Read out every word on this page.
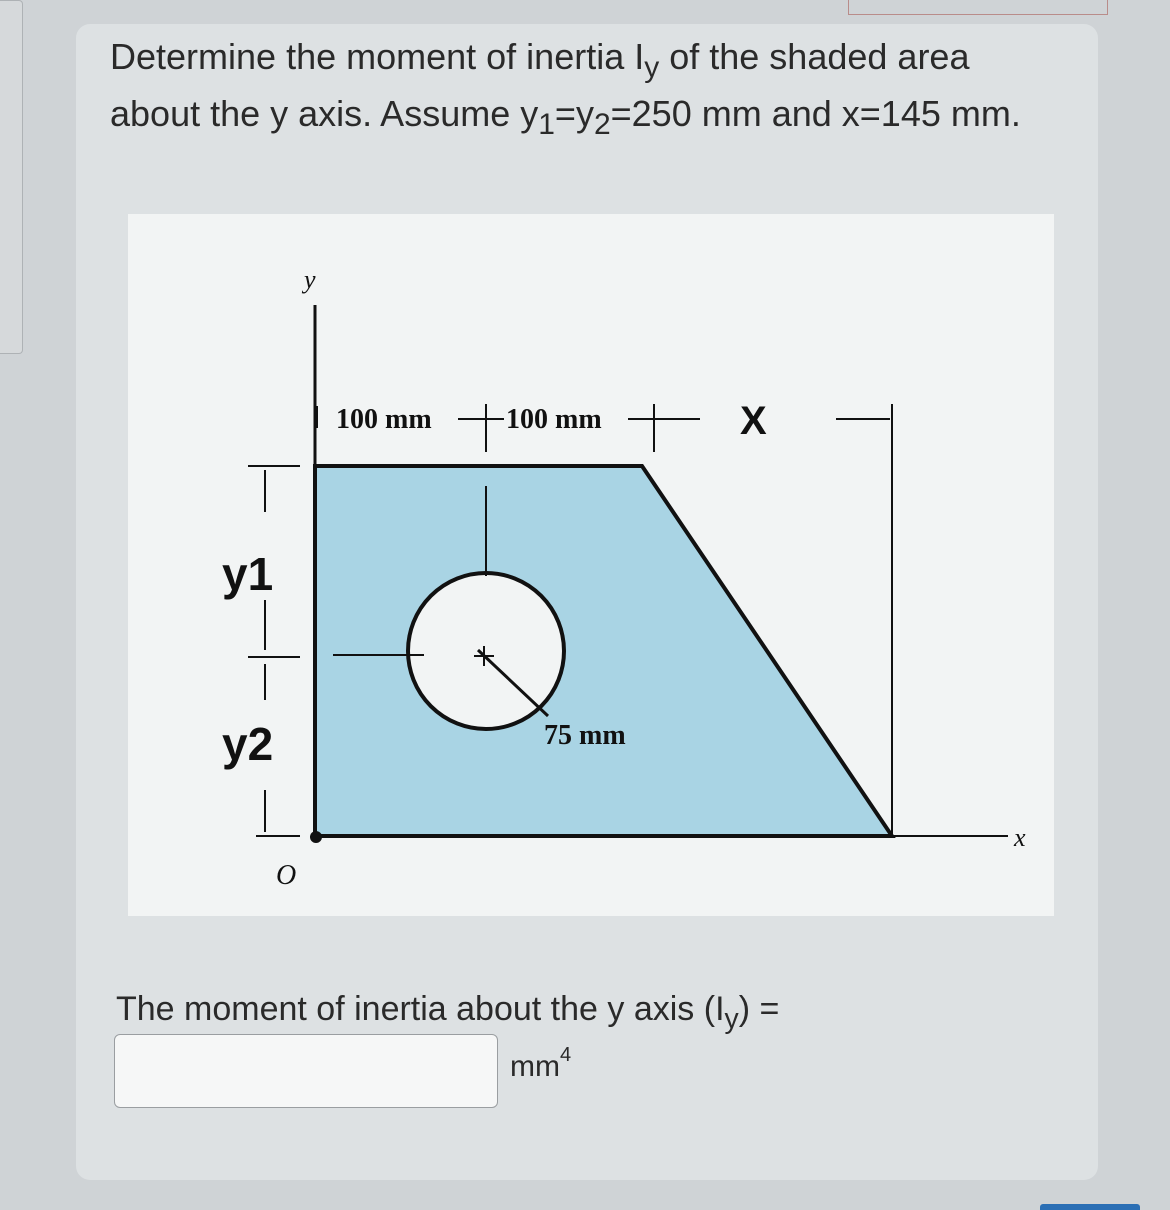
Determine the moment of inertia $I_y$ of the shaded area

about the y axis. Assume $y_1=y_2=250$ mm and x=145 mm.

y
x
O
100 mm	100 mm	X
y1
y2	75 mm
The moment of inertia about the y axis $(I_y)$ =
$mm^4$
